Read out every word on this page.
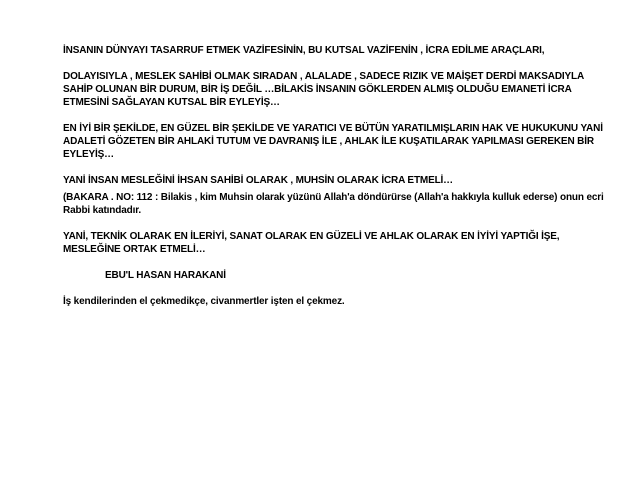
İNSANIN DÜNYAYI TASARRUF ETMEK VAZİFESİNİN, BU KUTSAL VAZİFENİN , İCRA EDİLME ARAÇLARI,

DOLAYISIYLA , MESLEK SAHİBİ OLMAK SIRADAN , ALALADE , SADECE RIZIK VE MAİŞET DERDİ MAKSADIYLA SAHİP OLUNAN BİR DURUM, BİR İŞ DEĞİL …BİLAKİS İNSANIN GÖKLERDEN ALMIŞ OLDUĞU EMANETİ İCRA ETMESİNİ SAĞLAYAN KUTSAL BİR EYLEYİŞ…

EN İYİ BİR ŞEKİLDE, EN GÜZEL BİR ŞEKİLDE VE YARATICI VE BÜTÜN YARATILMIŞLARIN HAK VE HUKUKUNU YANİ ADALETİ GÖZETEN BİR AHLAKİ TUTUM VE DAVRANIŞ İLE , AHLAK İLE KUŞATILARAK YAPILMASI GEREKEN BİR EYLEYİŞ…

YANİ İNSAN MESLEĞİNİ İHSAN SAHİBİ OLARAK , MUHSİN OLARAK İCRA ETMELİ…

(BAKARA . NO: 112 : Bilakis , kim Muhsin olarak yüzünü Allah'a döndürürse (Allah'a hakkıyla kulluk ederse) onun ecri Rabbi katındadır.

YANİ, TEKNİK OLARAK EN İLERİYİ, SANAT OLARAK EN GÜZELİ VE AHLAK OLARAK EN İYİYİ YAPTIĞI İŞE, MESLEĞİNE ORTAK ETMELİ…

EBU'L HASAN HARAKANİ

İş kendilerinden el çekmedikçe, civanmertler işten el çekmez.
